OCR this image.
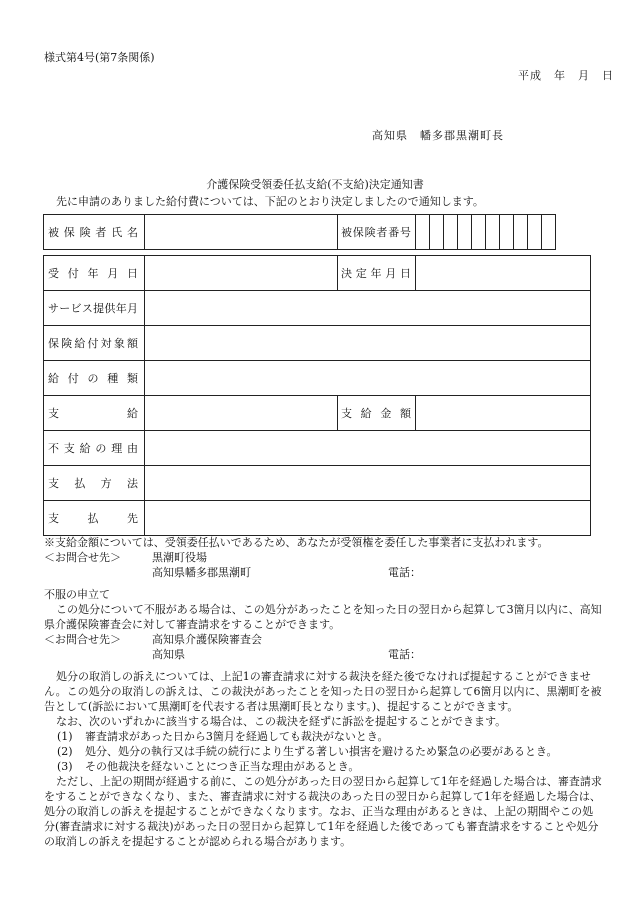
様式第4号(第7条関係)
平成　年　月　日
高知県　幡多郡黒潮町長
介護保険受領委任払支給(不支給)決定通知書
先に申請のありました給付費については、下記のとおり決定しましたので通知します。
被保険者氏名		被保険者番号										
受付年月日		決定年月日	
サービス提供年月			
保険給付対象額			
給付の種類			
支給		支給金額	
不支給の理由			
支払方法			
支払先			

※支給金額については、受領委任払いであるため、あなたが受領権を委任した事業者に支払われます。

＜お問合せ先＞	黒潮町役場
高知県幡多郡黒潮町	電話：

不服の申立て

この処分について不服がある場合は、この処分があったことを知った日の翌日から起算して3箇月以内に、高知県介護保険審査会に対して審査請求をすることができます。

＜お問合せ先＞	高知県介護保険審査会
高知県	電話：

処分の取消しの訴えについては、上記1の審査請求に対する裁決を経た後でなければ提起することができません。この処分の取消しの訴えは、この裁決があったことを知った日の翌日から起算して6箇月以内に、黒潮町を被告として(訴訟において黒潮町を代表する者は黒潮町長となります。)、提起することができます。

なお、次のいずれかに該当する場合は、この裁決を経ずに訴訟を提起することができます。

(1) 審査請求があった日から3箇月を経過しても裁決がないとき。

(2) 処分、処分の執行又は手続の続行により生ずる著しい損害を避けるため緊急の必要があるとき。

(3) その他裁決を経ないことにつき正当な理由があるとき。

ただし、上記の期間が経過する前に、この処分があった日の翌日から起算して1年を経過した場合は、審査請求をすることができなくなり、また、審査請求に対する裁決のあった日の翌日から起算して1年を経過した場合は、処分の取消しの訴えを提起することができなくなります。なお、正当な理由があるときは、上記の期間やこの処分(審査請求に対する裁決)があった日の翌日から起算して1年を経過した後であっても審査請求をすることや処分の取消しの訴えを提起することが認められる場合があります。
